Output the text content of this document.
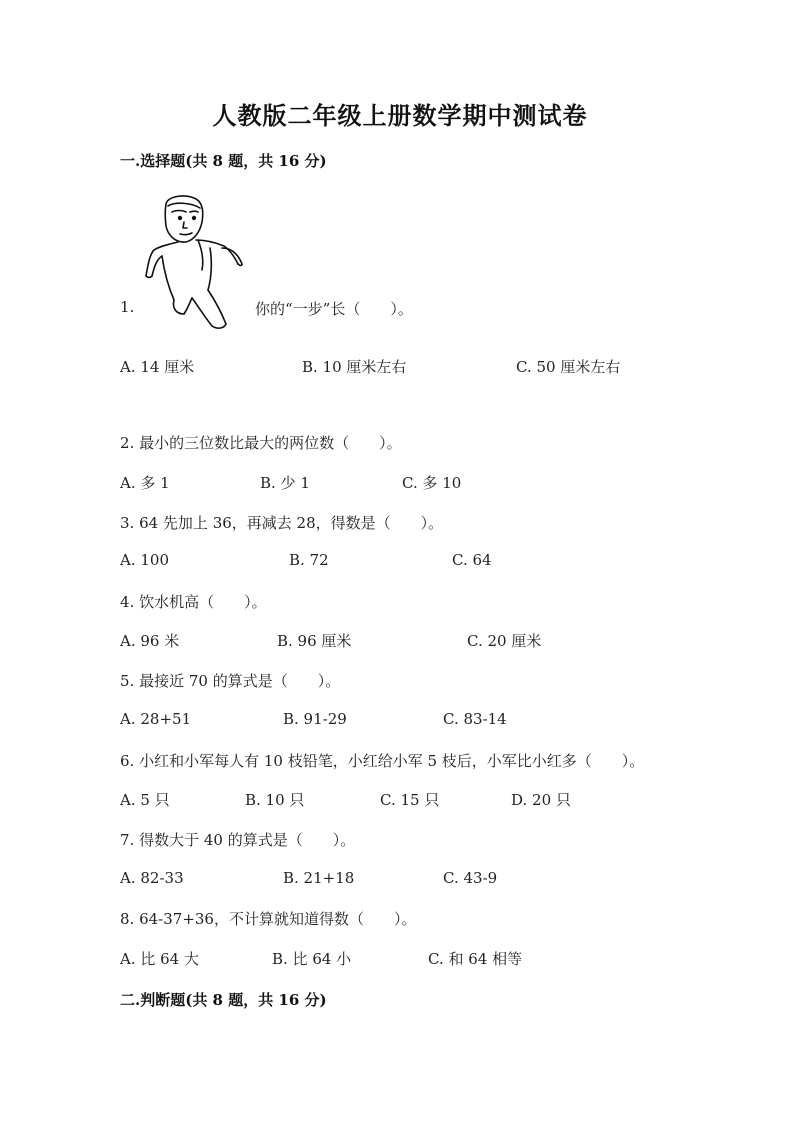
人教版二年级上册数学期中测试卷
一.选择题(共 8 题，共 16 分)
1.	你的“一步”长（　　）。
A. 14 厘米	B. 10 厘米左右	C. 50 厘米左右
2. 最小的三位数比最大的两位数（　　）。
A. 多 1	B. 少 1	C. 多 10
3. 64 先加上 36，再减去 28，得数是（　　）。
A. 100	B. 72	C. 64
4. 饮水机高（　　）。
A. 96 米	B. 96 厘米	C. 20 厘米
5. 最接近 70 的算式是（　　）。
A. 28+51	B. 91-29	C. 83-14
6. 小红和小军每人有 10 枝铅笔，小红给小军 5 枝后，小军比小红多（　　）。
A. 5 只	B. 10 只	C. 15 只	D. 20 只
7. 得数大于 40 的算式是（　　）。
A. 82-33	B. 21+18	C. 43-9
8. 64-37+36，不计算就知道得数（　　）。
A. 比 64 大	B. 比 64 小	C. 和 64 相等
二.判断题(共 8 题，共 16 分)
